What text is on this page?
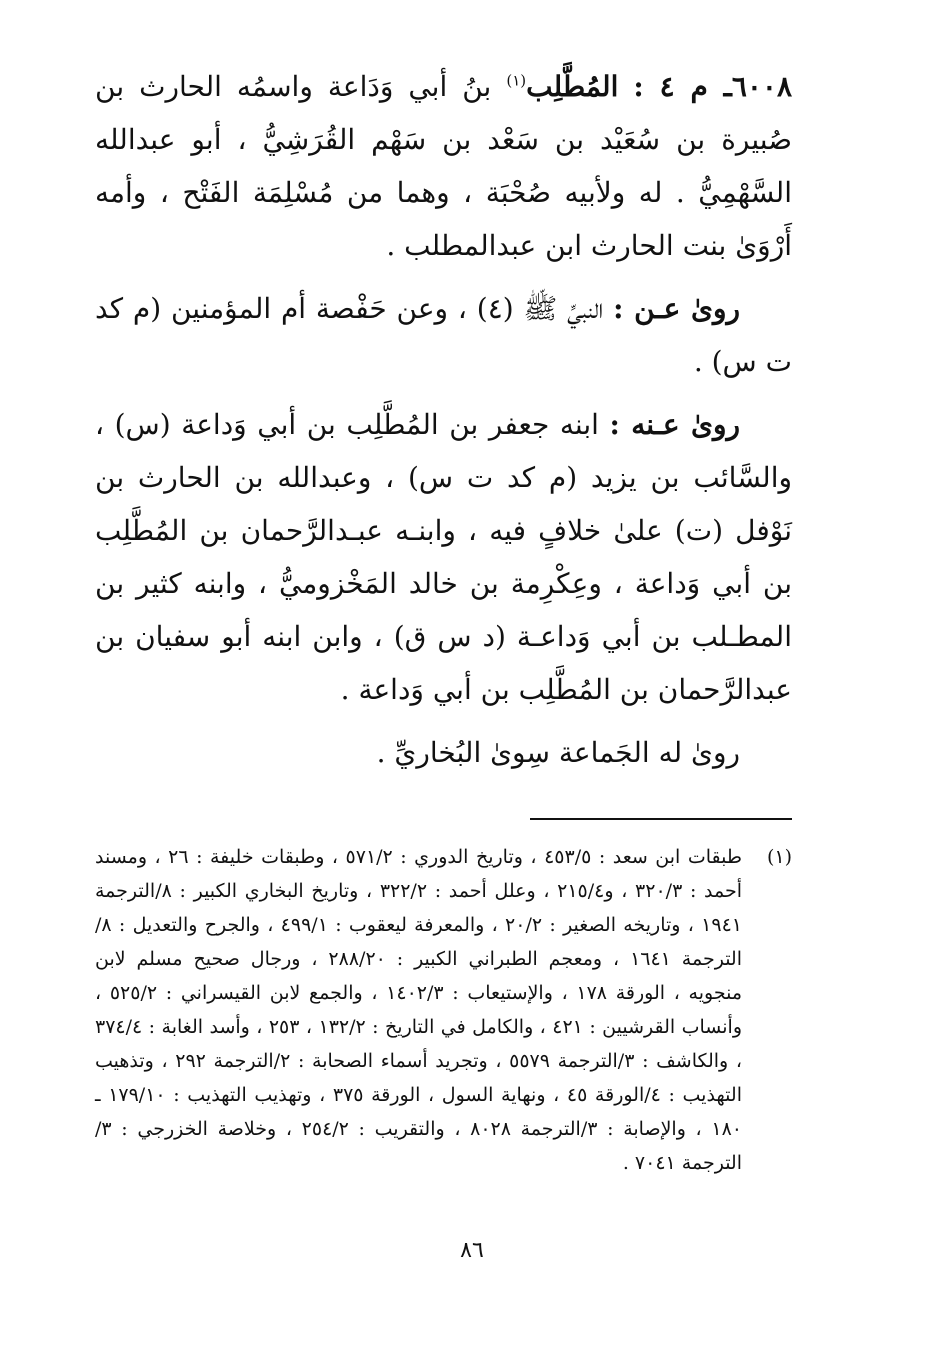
٦٠٠٨ـ م ٤ : المُطَّلِب$^{(١)}$ بنُ أبي وَدَاعة واسمُه الحارث بن صُبيرة بن سُعَيْد بن سَعْد بن سَهْم القُرَشِيُّ ، أبو عبدالله السَّهْمِيُّ . له ولأبيه صُحْبَة ، وهما من مُسْلِمَة الفَتْح ، وأمه أَرْوَىٰ بنت الحارث ابن عبدالمطلب .

روىٰ عـن : النبيِّ ﷺ (٤) ، وعن حَفْصة أم المؤمنين (م كد ت س) .

روىٰ عـنه : ابنه جعفر بن المُطَّلِب بن أبي وَداعة (س) ، والسَّائب بن يزيد (م كد ت س) ، وعبدالله بن الحارث بن نَوْفل (ت) علىٰ خلافٍ فيه ، وابنـه عبـدالرَّحمان بن المُطَّلِب بن أبي وَداعة ، وعِكْرِمة بن خالد المَخْزوميُّ ، وابنه كثير بن المطـلب بن أبي وَداعـة (د س ق) ، وابن ابنه أبو سفيان بن عبدالرَّحمان بن المُطَّلِب بن أبي وَداعة .

روىٰ له الجَماعة سِوىٰ البُخاريِّ .

(١)
طبقات ابن سعد : ٤٥٣/٥ ، وتاريخ الدوري : ٥٧١/٢ ، وطبقات خليفة : ٢٦ ، ومسند أحمد : ٣٢٠/٣ ، و٢١٥/٤ ، وعلل أحمد : ٣٢٢/٢ ، وتاريخ البخاري الكبير : ٨/الترجمة ١٩٤١ ، وتاريخه الصغير : ٢٠/٢ ، والمعرفة ليعقوب : ٤٩٩/١ ، والجرح والتعديل : ٨/الترجمة ١٦٤١ ، ومعجم الطبراني الكبير : ٢٨٨/٢٠ ، ورجال صحيح مسلم لابن منجويه ، الورقة ١٧٨ ، والإستيعاب : ١٤٠٢/٣ ، والجمع لابن القيسراني : ٥٢٥/٢ ، وأنساب القرشيين : ٤٢١ ، والكامل في التاريخ : ١٣٢/٢ ، ٢٥٣ ، وأسد الغابة : ٣٧٤/٤ ، والكاشف : ٣/الترجمة ٥٥٧٩ ، وتجريد أسماء الصحابة : ٢/الترجمة ٢٩٢ ، وتذهيب التهذيب : ٤/الورقة ٤٥ ، ونهاية السول ، الورقة ٣٧٥ ، وتهذيب التهذيب : ١٧٩/١٠ ـ ١٨٠ ، والإصابة : ٣/الترجمة ٨٠٢٨ ، والتقريب : ٢٥٤/٢ ، وخلاصة الخزرجي : ٣/الترجمة ٧٠٤١ .
٨٦
